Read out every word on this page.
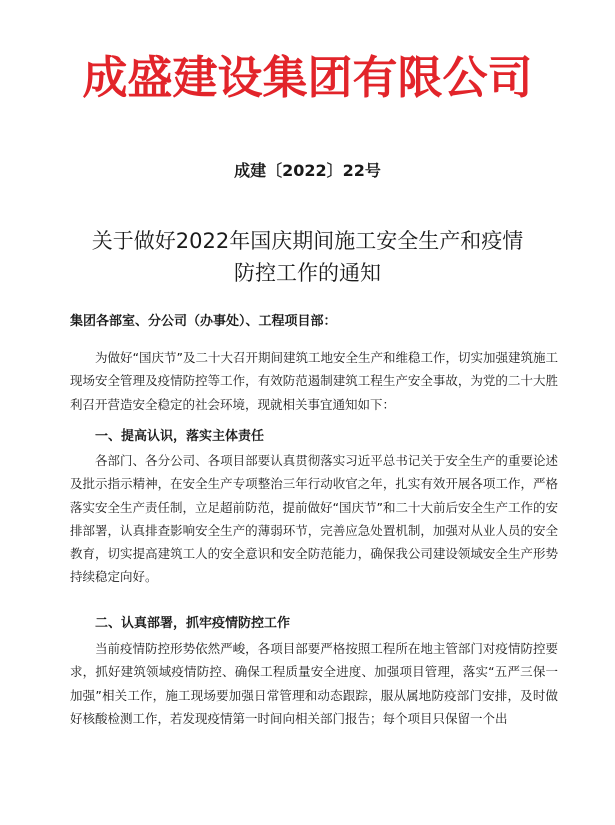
成盛建设集团有限公司
成建〔2022〕22号
关于做好2022年国庆期间施工安全生产和疫情
防控工作的通知
集团各部室、分公司（办事处）、工程项目部：

为做好“国庆节”及二十大召开期间建筑工地安全生产和维稳工作，切实加强建筑施工现场安全管理及疫情防控等工作，有效防范遏制建筑工程生产安全事故，为党的二十大胜利召开营造安全稳定的社会环境，现就相关事宜通知如下：

一、提高认识，落实主体责任

各部门、各分公司、各项目部要认真贯彻落实习近平总书记关于安全生产的重要论述及批示指示精神，在安全生产专项整治三年行动收官之年，扎实有效开展各项工作，严格落实安全生产责任制，立足超前防范，提前做好“国庆节”和二十大前后安全生产工作的安排部署，认真排查影响安全生产的薄弱环节，完善应急处置机制，加强对从业人员的安全教育，切实提高建筑工人的安全意识和安全防范能力，确保我公司建设领域安全生产形势持续稳定向好。

二、认真部署，抓牢疫情防控工作

当前疫情防控形势依然严峻，各项目部要严格按照工程所在地主管部门对疫情防控要求，抓好建筑领域疫情防控、确保工程质量安全进度、加强项目管理，落实“五严三保一加强”相关工作，施工现场要加强日常管理和动态跟踪，服从属地防疫部门安排，及时做好核酸检测工作，若发现疫情第一时间向相关部门报告；每个项目只保留一个出
